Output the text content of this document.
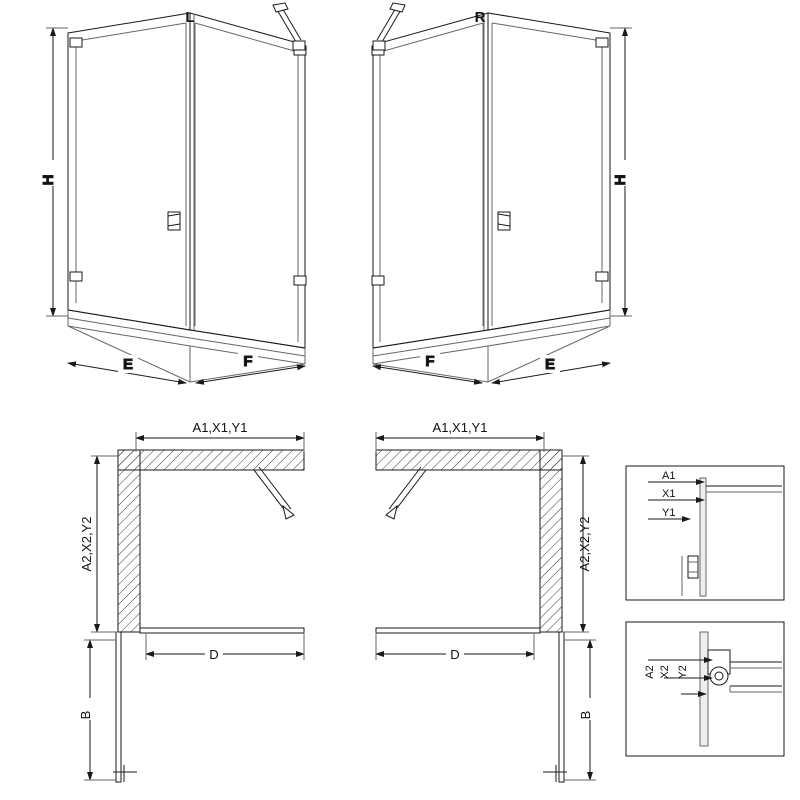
H
E	F
L
H
E
F
R
A1,X1,Y1
A2,X2,Y2
D
B
A1,X1,Y1
A2,X2,Y2
D
B
A1
X1
Y1
A2 X2 Y2
